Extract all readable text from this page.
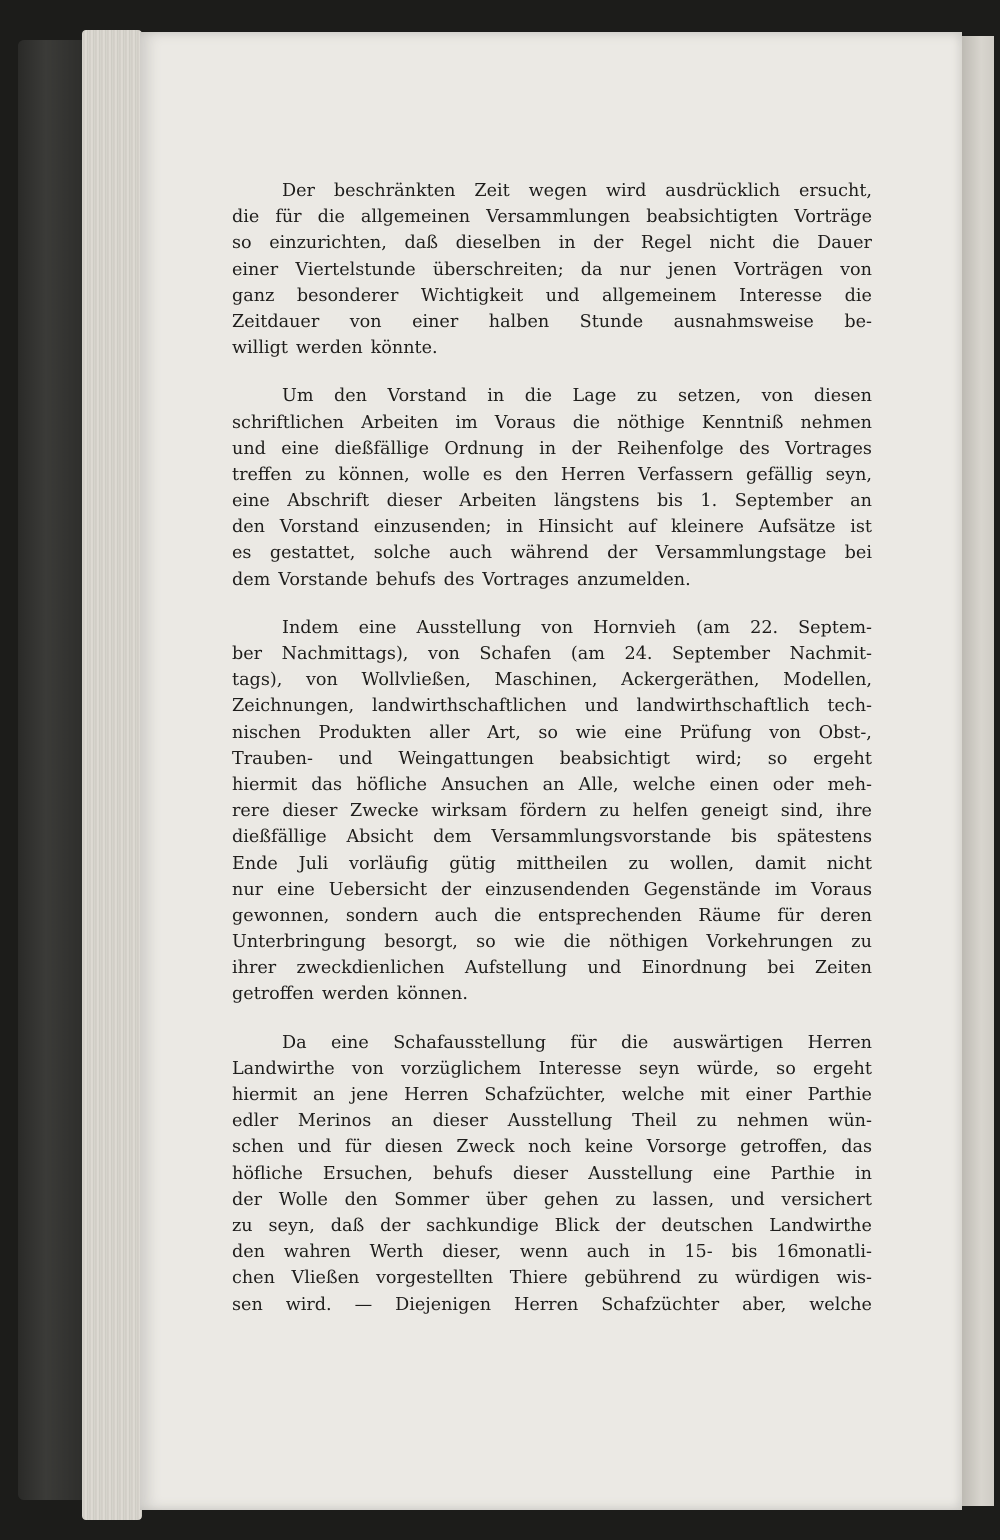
Der beschränkten Zeit wegen wird ausdrücklich ersucht,
die für die allgemeinen Versammlungen beabsichtigten Vorträge
so einzurichten, daß dieselben in der Regel nicht die Dauer
einer Viertelstunde überschreiten; da nur jenen Vorträgen von
ganz besonderer Wichtigkeit und allgemeinem Interesse die
Zeitdauer von einer halben Stunde ausnahmsweise be-
willigt werden könnte.
Um den Vorstand in die Lage zu setzen, von diesen
schriftlichen Arbeiten im Voraus die nöthige Kenntniß nehmen
und eine dießfällige Ordnung in der Reihenfolge des Vortrages
treffen zu können, wolle es den Herren Verfassern gefällig seyn,
eine Abschrift dieser Arbeiten längstens bis 1. September an
den Vorstand einzusenden; in Hinsicht auf kleinere Aufsätze ist
es gestattet, solche auch während der Versammlungstage bei
dem Vorstande behufs des Vortrages anzumelden.
Indem eine Ausstellung von Hornvieh (am 22. Septem-
ber Nachmittags), von Schafen (am 24. September Nachmit-
tags), von Wollvließen, Maschinen, Ackergeräthen, Modellen,
Zeichnungen, landwirthschaftlichen und landwirthschaftlich tech-
nischen Produkten aller Art, so wie eine Prüfung von Obst-,
Trauben- und Weingattungen beabsichtigt wird; so ergeht
hiermit das höfliche Ansuchen an Alle, welche einen oder meh-
rere dieser Zwecke wirksam fördern zu helfen geneigt sind, ihre
dießfällige Absicht dem Versammlungsvorstande bis spätestens
Ende Juli vorläufig gütig mittheilen zu wollen, damit nicht
nur eine Uebersicht der einzusendenden Gegenstände im Voraus
gewonnen, sondern auch die entsprechenden Räume für deren
Unterbringung besorgt, so wie die nöthigen Vorkehrungen zu
ihrer zweckdienlichen Aufstellung und Einordnung bei Zeiten
getroffen werden können.
Da eine Schafausstellung für die auswärtigen Herren
Landwirthe von vorzüglichem Interesse seyn würde, so ergeht
hiermit an jene Herren Schafzüchter, welche mit einer Parthie
edler Merinos an dieser Ausstellung Theil zu nehmen wün-
schen und für diesen Zweck noch keine Vorsorge getroffen, das
höfliche Ersuchen, behufs dieser Ausstellung eine Parthie in
der Wolle den Sommer über gehen zu lassen, und versichert
zu seyn, daß der sachkundige Blick der deutschen Landwirthe
den wahren Werth dieser, wenn auch in 15- bis 16monatli-
chen Vließen vorgestellten Thiere gebührend zu würdigen wis-
sen wird. — Diejenigen Herren Schafzüchter aber, welche
